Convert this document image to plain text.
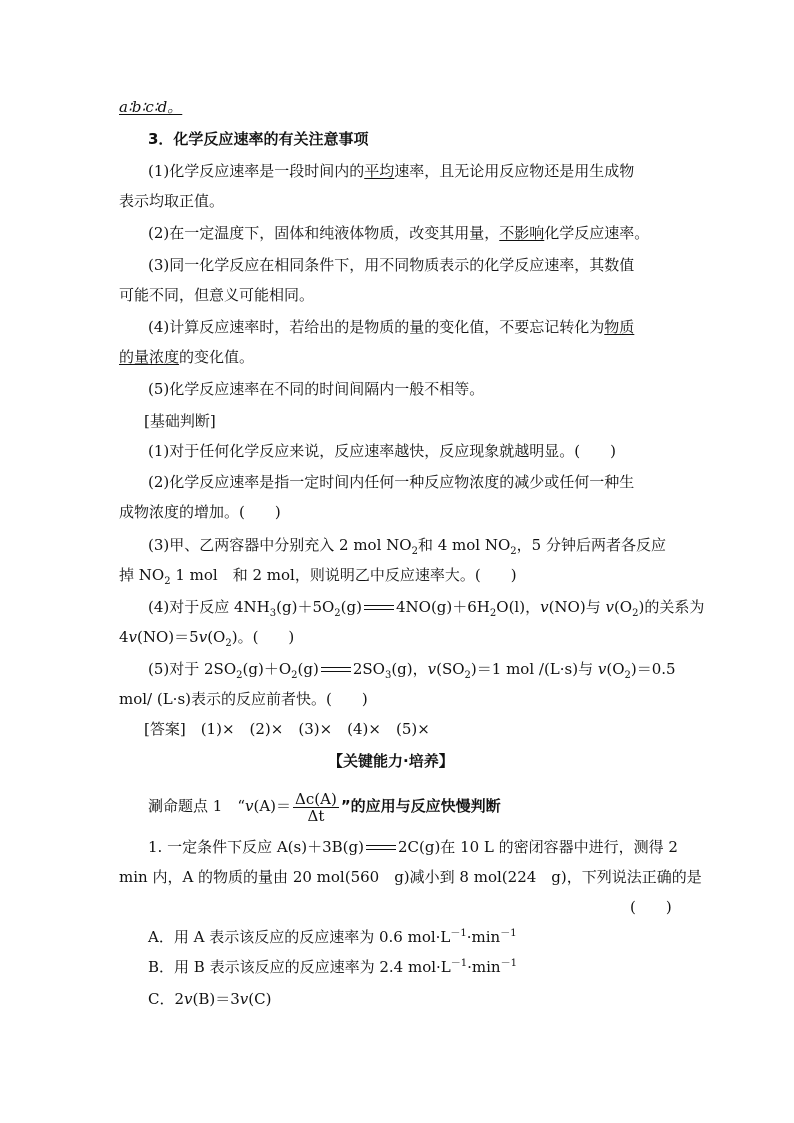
a∶b∶c∶d。
3．化学反应速率的有关注意事项
(1)化学反应速率是一段时间内的平均速率，且无论用反应物还是用生成物
表示均取正值。
(2)在一定温度下，固体和纯液体物质，改变其用量，不影响化学反应速率。
(3)同一化学反应在相同条件下，用不同物质表示的化学反应速率，其数值
可能不同，但意义可能相同。
(4)计算反应速率时，若给出的是物质的量的变化值，不要忘记转化为物质
的量浓度的变化值。
(5)化学反应速率在不同的时间间隔内一般不相等。
[基础判断]
(1)对于任何化学反应来说，反应速率越快，反应现象就越明显。(　　)
(2)化学反应速率是指一定时间内任何一种反应物浓度的减少或任何一种生
成物浓度的增加。(　　)
(3)甲、乙两容器中分别充入 2 mol $NO_2$和 4 mol $NO_2$，5 分钟后两者各反应
掉 $NO_2$ 1 mol　和 2 mol，则说明乙中反应速率大。(　　)
(4)对于反应 $4NH_3(g)+5O_2(g)$ $4NO(g)+6H_2O(l)$，v(NO)与 $v(O_2)$的关系为
$4v(NO)=5v(O_2)$。(　　)
(5)对于 $2SO_2(g)+O_2(g)$ $2SO_3(g)$，$v(SO_2)=1$ mol /(L·s)与 $v(O_2)=0.5$
mol/ (L·s)表示的反应前者快。(　　)
[答案]　(1)×　(2)×　(3)×　(4)×　(5)×
【关键能力·培养】
涮命题点 1　“$v(A)= \frac{\Delta c(A)}{\Delta t}$ ”的应用与反应快慢判断
1. 一定条件下反应 A(s)＋3B(g) 2C(g)在 10 L 的密闭容器中进行，测得 2
min 内，A 的物质的量由 20 mol(560　g)减小到 8 mol(224　g)，下列说法正确的是
(　　)
A．用 A 表示该反应的反应速率为 0.6 $mol\cdot L^{-1}\cdot\min^{-1}$
B．用 B 表示该反应的反应速率为 2.4 $mol\cdot L^{-1}\cdot\min^{-1}$
C．2v(B)＝3v(C)
